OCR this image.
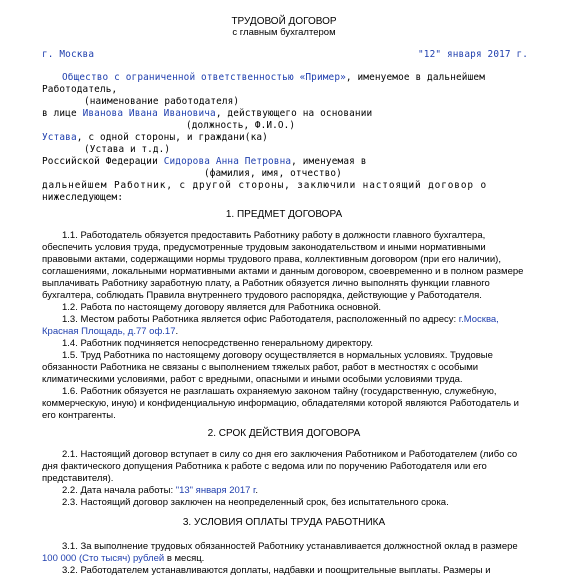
ТРУДОВОЙ ДОГОВОР
с главным бухгалтером
г. Москва	"12" января 2017 г.
Общество с ограниченной ответственностью «Пример», именуемое в дальнейшем
Работодатель,
(наименование работодателя)
в лице Иванова Ивана Ивановича, действующего на основании
(должность, Ф.И.О.)
Устава, с одной стороны, и граждани(ка)
(Устава и т.д.)
Российской Федерации Сидорова Анна Петровна, именуемая в
(фамилия, имя, отчество)
дальнейшем Работник, с другой стороны, заключили настоящий договор о
нижеследующем:
1. ПРЕДМЕТ ДОГОВОРА
1.1. Работодатель обязуется предоставить Работнику работу в должности главного бухгалтера,
обеспечить условия труда, предусмотренные трудовым законодательством и иными нормативными
правовыми актами, содержащими нормы трудового права, коллективным договором (при его наличии),
соглашениями, локальными нормативными актами и данным договором, своевременно и в полном размере
выплачивать Работнику заработную плату, а Работник обязуется лично выполнять функции главного
бухгалтера, соблюдать Правила внутреннего трудового распорядка, действующие у Работодателя.
1.2. Работа по настоящему договору является для Работника основной.
1.3. Местом работы Работника является офис Работодателя, расположенный по адресу: г.Москва,
Красная Площадь, д.77 оф.17.
1.4. Работник подчиняется непосредственно генеральному директору.
1.5. Труд Работника по настоящему договору осуществляется в нормальных условиях. Трудовые
обязанности Работника не связаны с выполнением тяжелых работ, работ в местностях с особыми
климатическими условиями, работ с вредными, опасными и иными особыми условиями труда.
1.6. Работник обязуется не разглашать охраняемую законом тайну (государственную, служебную,
коммерческую, иную) и конфиденциальную информацию, обладателями которой являются Работодатель и
его контрагенты.
2. СРОК ДЕЙСТВИЯ ДОГОВОРА
2.1. Настоящий договор вступает в силу со дня его заключения Работником и Работодателем (либо со
дня фактического допущения Работника к работе с ведома или по поручению Работодателя или его
представителя).
2.2. Дата начала работы: "13" января 2017 г.
2.3. Настоящий договор заключен на неопределенный срок, без испытательного срока.
3. УСЛОВИЯ ОПЛАТЫ ТРУДА РАБОТНИКА
3.1. За выполнение трудовых обязанностей Работнику устанавливается должностной оклад в размере
100 000 (Сто тысяч) рублей в месяц.
3.2. Работодателем устанавливаются доплаты, надбавки и поощрительные выплаты. Размеры и
